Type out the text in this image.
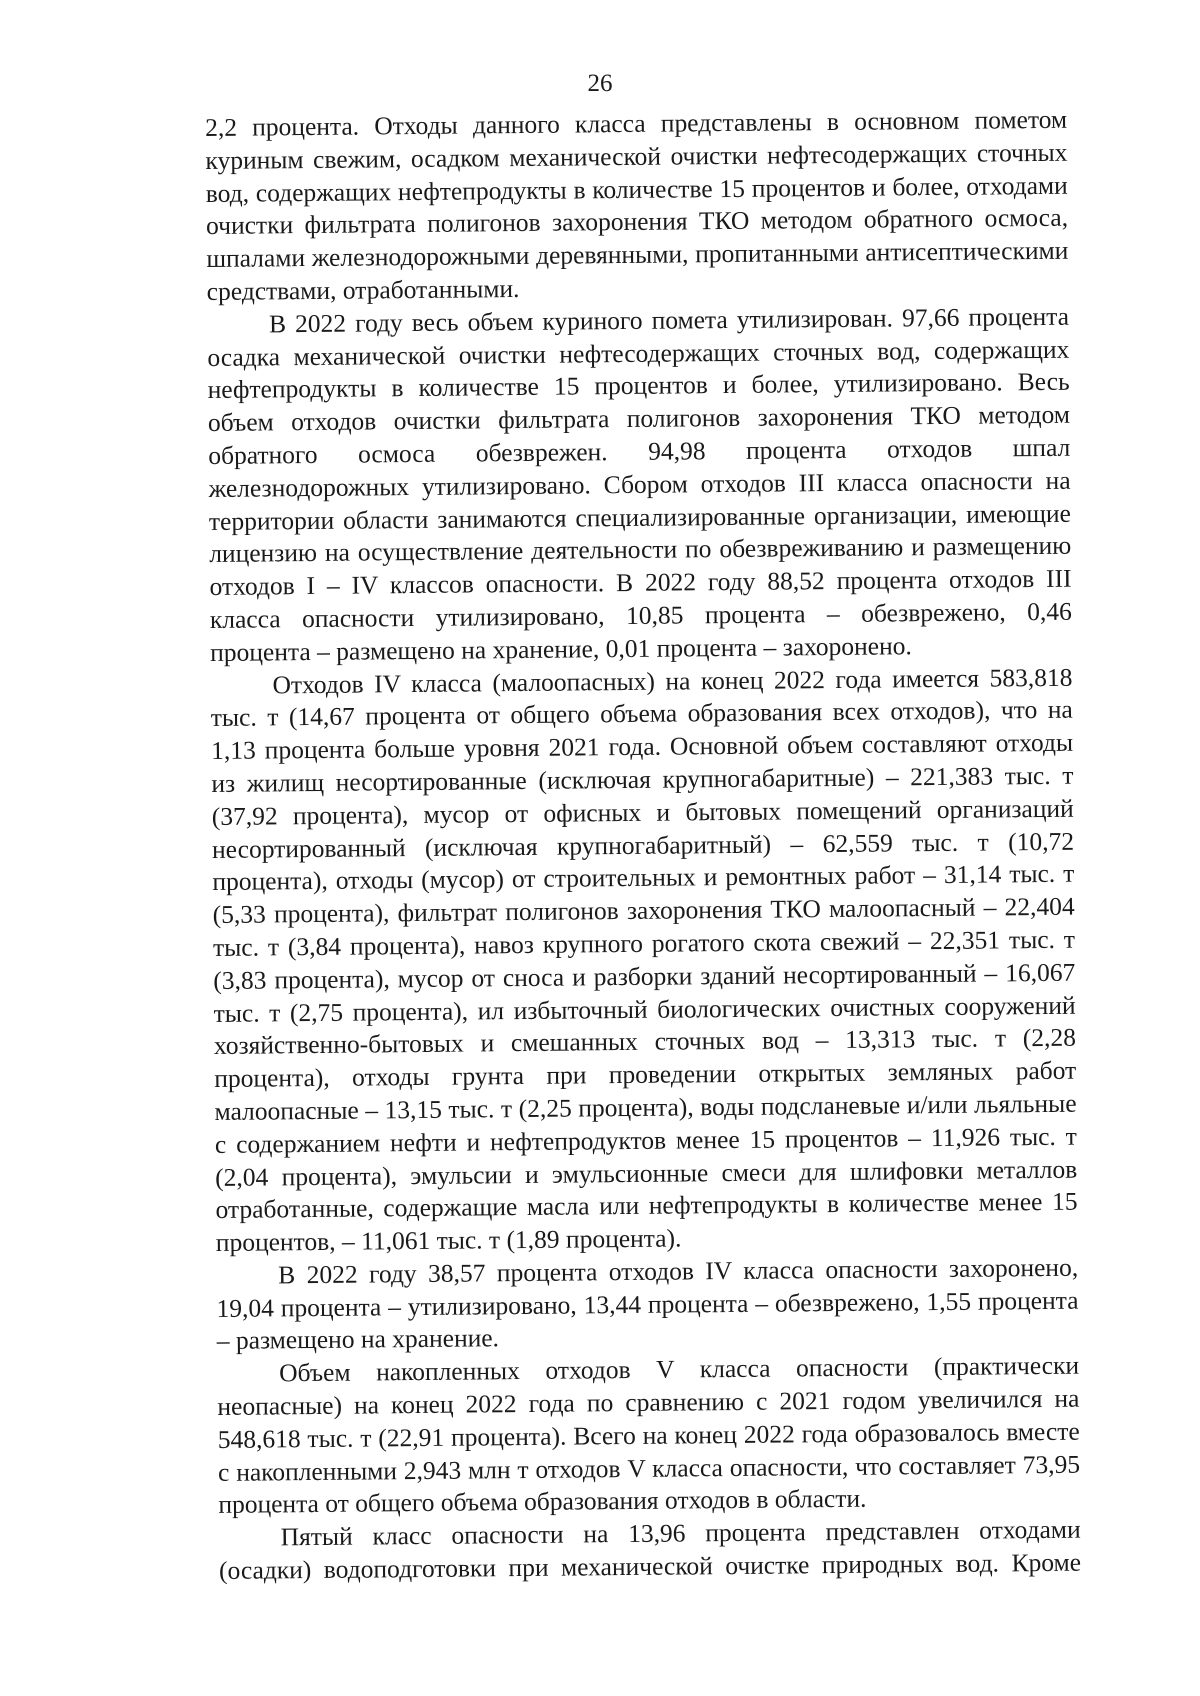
26

2,2 процента. Отходы данного класса представлены в основном пометом куриным свежим, осадком механической очистки нефтесодержащих сточных вод, содержащих нефтепродукты в количестве 15 процентов и более, отходами очистки фильтрата полигонов захоронения ТКО методом обратного осмоса, шпалами железнодорожными деревянными, пропитанными антисептическими средствами, отработанными.

В 2022 году весь объем куриного помета утилизирован. 97,66 процента осадка механической очистки нефтесодержащих сточных вод, содержащих нефтепродукты в количестве 15 процентов и более, утилизировано. Весь объем отходов очистки фильтрата полигонов захоронения ТКО методом обратного осмоса обезврежен. 94,98 процента отходов шпал железнодорожных утилизировано. Сбором отходов III класса опасности на территории области занимаются специализированные организации, имеющие лицензию на осуществление деятельности по обезвреживанию и размещению отходов I – IV классов опасности. В 2022 году 88,52 процента отходов III класса опасности утилизировано, 10,85 процента – обезврежено, 0,46 процента – размещено на хранение, 0,01 процента – захоронено.

Отходов IV класса (малоопасных) на конец 2022 года имеется 583,818 тыс. т (14,67 процента от общего объема образования всех отходов), что на 1,13 процента больше уровня 2021 года. Основной объем составляют отходы из жилищ несортированные (исключая крупногабаритные) – 221,383 тыс. т (37,92 процента), мусор от офисных и бытовых помещений организаций несортированный (исключая крупногабаритный) – 62,559 тыс. т (10,72 процента), отходы (мусор) от строительных и ремонтных работ – 31,14 тыс. т (5,33 процента), фильтрат полигонов захоронения ТКО малоопасный – 22,404 тыс. т (3,84 процента), навоз крупного рогатого скота свежий – 22,351 тыс. т (3,83 процента), мусор от сноса и разборки зданий несортированный – 16,067 тыс. т (2,75 процента), ил избыточный биологических очистных сооружений хозяйственно-бытовых и смешанных сточных вод – 13,313 тыс. т (2,28 процента), отходы грунта при проведении открытых земляных работ малоопасные – 13,15 тыс. т (2,25 процента), воды подсланевые и/или льяльные с содержанием нефти и нефтепродуктов менее 15 процентов – 11,926 тыс. т (2,04 процента), эмульсии и эмульсионные смеси для шлифовки металлов отработанные, содержащие масла или нефтепродукты в количестве менее 15 процентов, – 11,061 тыс. т (1,89 процента).

В 2022 году 38,57 процента отходов IV класса опасности захоронено, 19,04 процента – утилизировано, 13,44 процента – обезврежено, 1,55 процента – размещено на хранение.

Объем накопленных отходов V класса опасности (практически неопасные) на конец 2022 года по сравнению с 2021 годом увеличился на 548,618 тыс. т (22,91 процента). Всего на конец 2022 года образовалось вместе с накопленными 2,943 млн т отходов V класса опасности, что составляет 73,95 процента от общего объема образования отходов в области.

Пятый класс опасности на 13,96 процента представлен отходами (осадки) водоподготовки при механической очистке природных вод. Кроме
